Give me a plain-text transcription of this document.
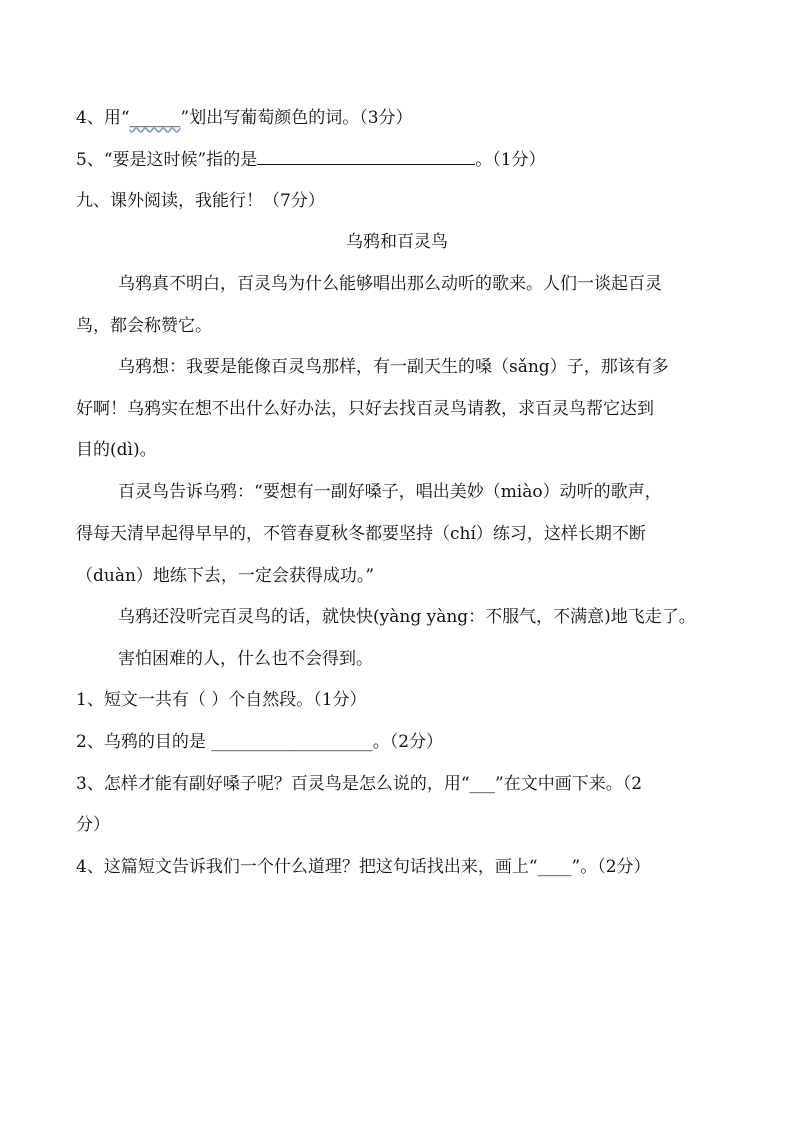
4、用“______”划出写葡萄颜色的词。（3分）
5、“要是这时候”指的是	。（1分）
九、课外阅读，我能行！（7分）
乌鸦和百灵鸟
乌鸦真不明白，百灵鸟为什么能够唱出那么动听的歌来。人们一谈起百灵
鸟，都会称赞它。
乌鸦想：我要是能像百灵鸟那样，有一副天生的嗓（sǎng）子，那该有多
好啊！乌鸦实在想不出什么好办法，只好去找百灵鸟请教，求百灵鸟帮它达到
目的(dì)。
百灵鸟告诉乌鸦：“要想有一副好嗓子，唱出美妙（miào）动听的歌声，
得每天清早起得早早的，不管春夏秋冬都要坚持（chí）练习，这样长期不断
（duàn）地练下去，一定会获得成功。”
乌鸦还没听完百灵鸟的话，就快快(yàng yàng：不服气，不满意)地飞走了。
害怕困难的人，什么也不会得到。
1、短文一共有（ ）个自然段。（1分）
2、乌鸦的目的是 ___________________。（2分）
3、怎样才能有副好嗓子呢？百灵鸟是怎么说的，用“___”在文中画下来。（2
分）
4、这篇短文告诉我们一个什么道理？把这句话找出来，画上“____”。（2分）
